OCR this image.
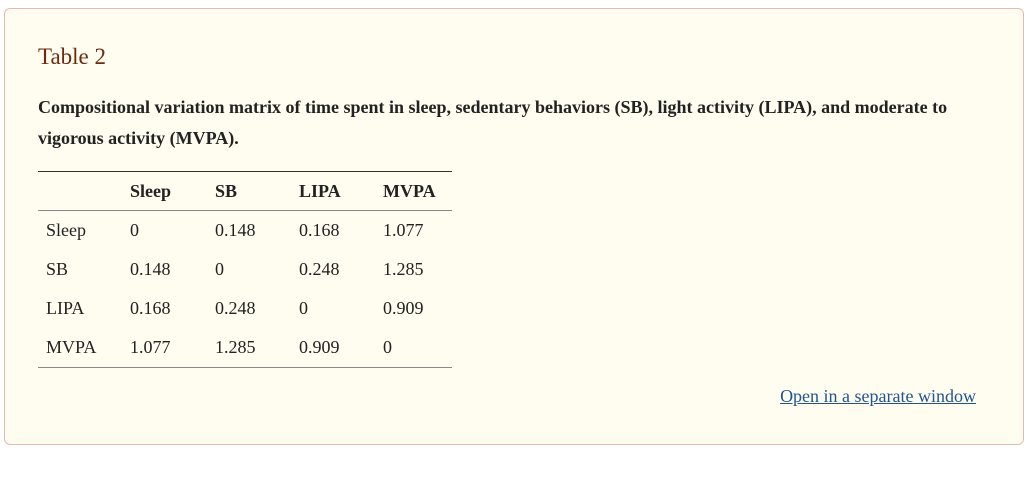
Table 2

Compositional variation matrix of time spent in sleep, sedentary behaviors (SB), light activity (LIPA), and moderate to vigorous activity (MVPA).

	Sleep	SB	LIPA	MVPA
Sleep	0	0.148	0.168	1.077
SB	0.148	0	0.248	1.285
LIPA	0.168	0.248	0	0.909
MVPA	1.077	1.285	0.909	0
Open in a separate window
